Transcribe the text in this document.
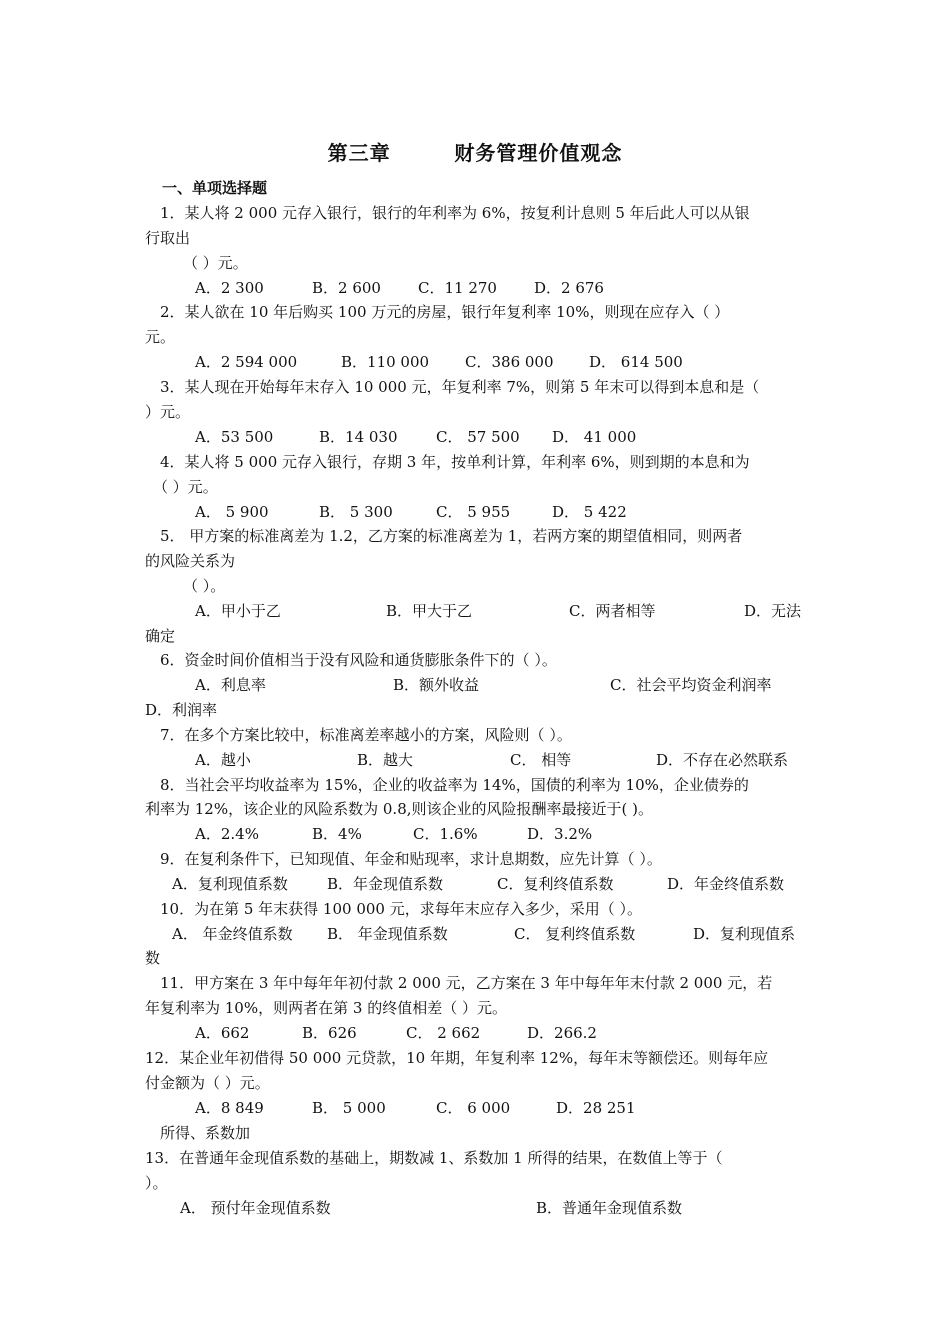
第三章        财务管理价值观念
一、单项选择题
1．某人将 2 000 元存入银行，银行的年利率为 6%，按复利计息则 5 年后此人可以从银
行取出
（ ）元。
A．2 300	B．2 600 C．11 270 D．2 676
2．某人欲在 10 年后购买 100 万元的房屋，银行年复利率 10%，则现在应存入（ ）
元。
A．2 594 000	B．110 000 C．386 000 D． 614 500
3．某人现在开始每年末存入 10 000 元，年复利率 7%，则第 5 年末可以得到本息和是（
）元。
A．53 500	B．14 030	C． 57 500 D． 41 000
4．某人将 5 000 元存入银行，存期 3 年，按单利计算，年利率 6%，则到期的本息和为
（ ）元。
A． 5 900	B． 5 300	C． 5 955	D． 5 422
5． 甲方案的标准离差为 1.2，乙方案的标准离差为 1，若两方案的期望值相同，则两者
的风险关系为
（ ）。
A．甲小于乙	B．甲大于乙	C．两者相等	D．无法
确定
6．资金时间价值相当于没有风险和通货膨胀条件下的（ ）。
A．利息率	B．额外收益	C．社会平均资金利润率
D．利润率
7．在多个方案比较中，标准离差率越小的方案，风险则（ ）。
A．越小	B．越大	C． 相等	D．不存在必然联系
8．当社会平均收益率为 15%，企业的收益率为 14%，国债的利率为 10%，企业债券的
利率为 12%，该企业的风险系数为 0.8,则该企业的风险报酬率最接近于( )。
A．2.4%	B．4%	C．1.6%	D．3.2%
9．在复利条件下，已知现值、年金和贴现率，求计息期数，应先计算（ ）。
A．复利现值系数	B．年金现值系数	C．复利终值系数	D．年金终值系数
10．为在第 5 年末获得 100 000 元，求每年末应存入多少，采用（ ）。
A． 年金终值系数 B． 年金现值系数	C． 复利终值系数	D．复利现值系
数
11．甲方案在 3 年中每年年初付款 2 000 元，乙方案在 3 年中每年年末付款 2 000 元，若
年复利率为 10%，则两者在第 3 的终值相差（ ）元。
A．662	B．626	C． 2 662	D．266.2
12．某企业年初借得 50 000 元贷款，10 年期，年复利率 12%，每年末等额偿还。则每年应
付金额为（ ）元。
A．8 849	B． 5 000	C． 6 000	D．28 251
所得、系数加
13．在普通年金现值系数的基础上，期数减 1、系数加 1 所得的结果，在数值上等于（
）。
A． 预付年金现值系数	B．普通年金现值系数
